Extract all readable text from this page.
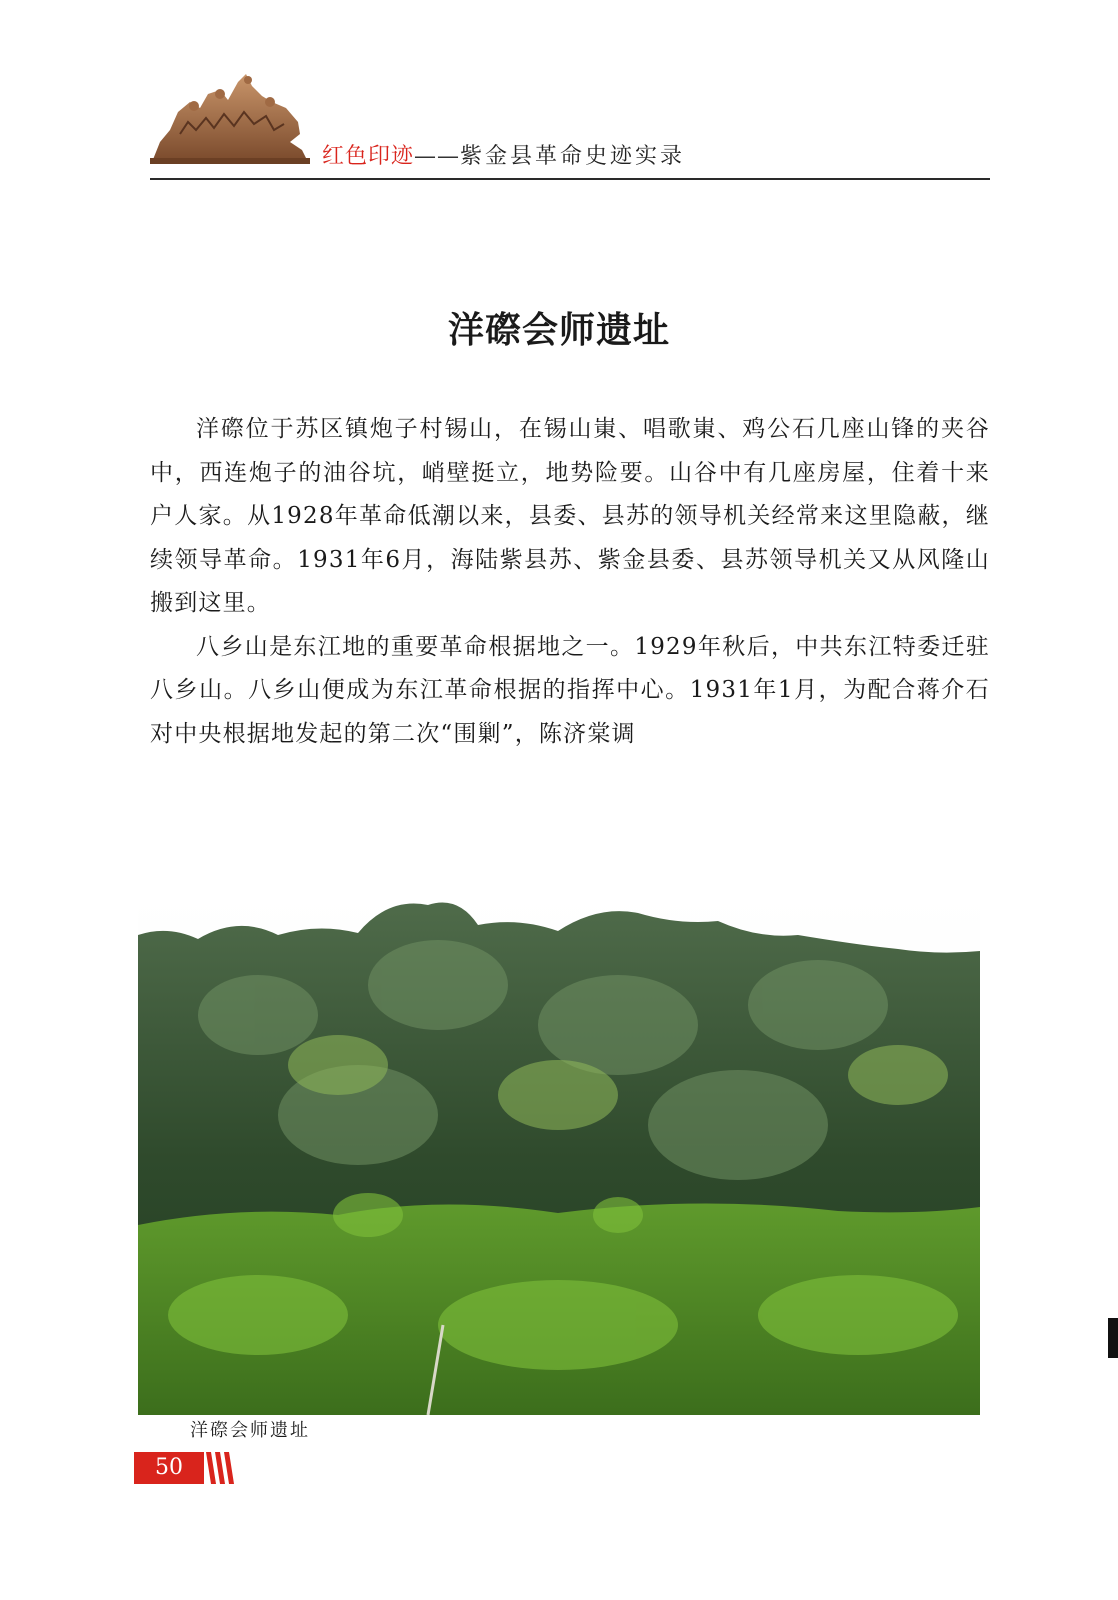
红色印迹——紫金县革命史迹实录
洋磜会师遗址

洋磜位于苏区镇炮子村锡山，在锡山崬、唱歌崬、鸡公石几座山锋的夹谷中，西连炮子的油谷坑，峭壁挺立，地势险要。山谷中有几座房屋，住着十来户人家。从1928年革命低潮以来，县委、县苏的领导机关经常来这里隐蔽，继续领导革命。1931年6月，海陆紫县苏、紫金县委、县苏领导机关又从风隆山搬到这里。

八乡山是东江地的重要革命根据地之一。1929年秋后，中共东江特委迁驻八乡山。八乡山便成为东江革命根据的指挥中心。1931年1月，为配合蒋介石对中央根据地发起的第二次“围剿”，陈济棠调

洋磜会师遗址
50
